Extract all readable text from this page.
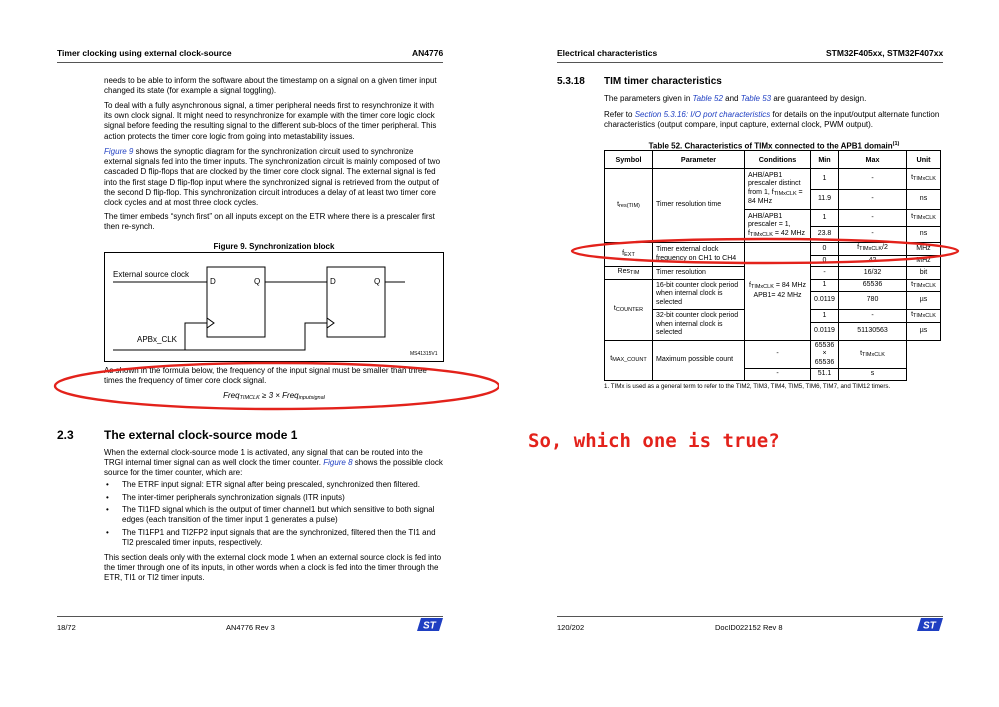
Timer clocking using external clock-source	AN4776

needs to be able to inform the software about the timestamp on a signal on a given timer input changed its state (for example a signal toggling).

To deal with a fully asynchronous signal, a timer peripheral needs first to resynchronize it with its own clock signal. It might need to resynchronize for example with the timer core logic clock signal before feeding the resulting signal to the different sub-blocs of the timer peripheral. This action protects the timer core logic from going into metastability issues.

Figure 9 shows the synoptic diagram for the synchronization circuit used to synchronize external signals fed into the timer inputs. The synchronization circuit is mainly composed of two cascaded D flip-flops that are clocked by the timer core clock signal. The external signal is fed into the first stage D flip-flop input where the synchronized signal is retrieved from the output of the second D flip-flop. This synchronization circuit introduces a delay of at least two timer core clock cycles and at most three clock cycles.

The timer embeds “synch first” on all inputs except on the ETR where there is a prescaler first then re-synch.

Figure 9. Synchronization block
External source clock
APBx_CLK
D	Q	D	Q
MS41315V1

As shown in the formula below, the frequency of the input signal must be smaller than three times the frequency of timer core clock signal.

FreqTIMCLK ≥ 3 × Freqinputsignal
2.3	The external clock-source mode 1

When the external clock-source mode 1 is activated, any signal that can be routed into the TRGI internal timer signal can as well clock the timer counter. Figure 8 shows the possible clock source for the timer counter, which are:

• The ETRF input signal: ETR signal after being prescaled, synchronized then filtered.
• The inter-timer peripherals synchronization signals (ITR inputs)
• The TI1FD signal which is the output of timer channel1 but which sensitive to both signal edges (each transition of the timer input 1 generates a pulse)
• The TI1FP1 and TI2FP2 input signals that are the synchronized, filtered then the TI1 and TI2 prescaled timer inputs, respectively.

This section deals only with the external clock mode 1 when an external source clock is fed into the timer through one of its inputs, in other words when a clock is fed into the timer through the ETR, TI1 or TI2 timer inputs.

18/72	AN4776 Rev 3	ST
Electrical characteristics	STM32F405xx, STM32F407xx
5.3.18 TIM timer characteristics

The parameters given in Table 52 and Table 53 are guaranteed by design.

Refer to Section 5.3.16: I/O port characteristics for details on the input/output alternate function characteristics (output compare, input capture, external clock, PWM output).

Table 52. Characteristics of TIMx connected to the APB1 domain$^{(1)}$
120/202	DocID022152 Rev 8	ST
Symbol	Parameter	Conditions	Min	Max	Unit
tres(TIM)	Timer resolution time	AHB/APB1 prescaler distinct from 1, fTIMxCLK = 84 MHz	1	-	tTIMxCLK
			11.9	-	ns
		AHB/APB1 prescaler = 1, fTIMxCLK = 42 MHz	1	-	tTIMxCLK
			23.8	-	ns
fEXT	Timer external clock frequency on CH1 to CH4	fTIMxCLK = 84 MHz APB1= 42 MHz	0	fTIMxCLK/2	MHz
			0	42	MHz
ResTIM	Timer resolution		-	16/32	bit
tCOUNTER	16-bit counter clock period when internal clock is selected		1	65536	tTIMxCLK
			0.0119	780	µs
	32-bit counter clock period when internal clock is selected		1	-	tTIMxCLK
			0.0119	51130563	µs
tMAX_COUNT	Maximum possible count	-	65536 × 65536	tTIMxCLK	
		-	51.1	s	
1. TIMx is used as a general term to refer to the TIM2, TIM3, TIM4, TIM5, TIM6, TIM7, and TIM12 timers.
So, which one is true?
